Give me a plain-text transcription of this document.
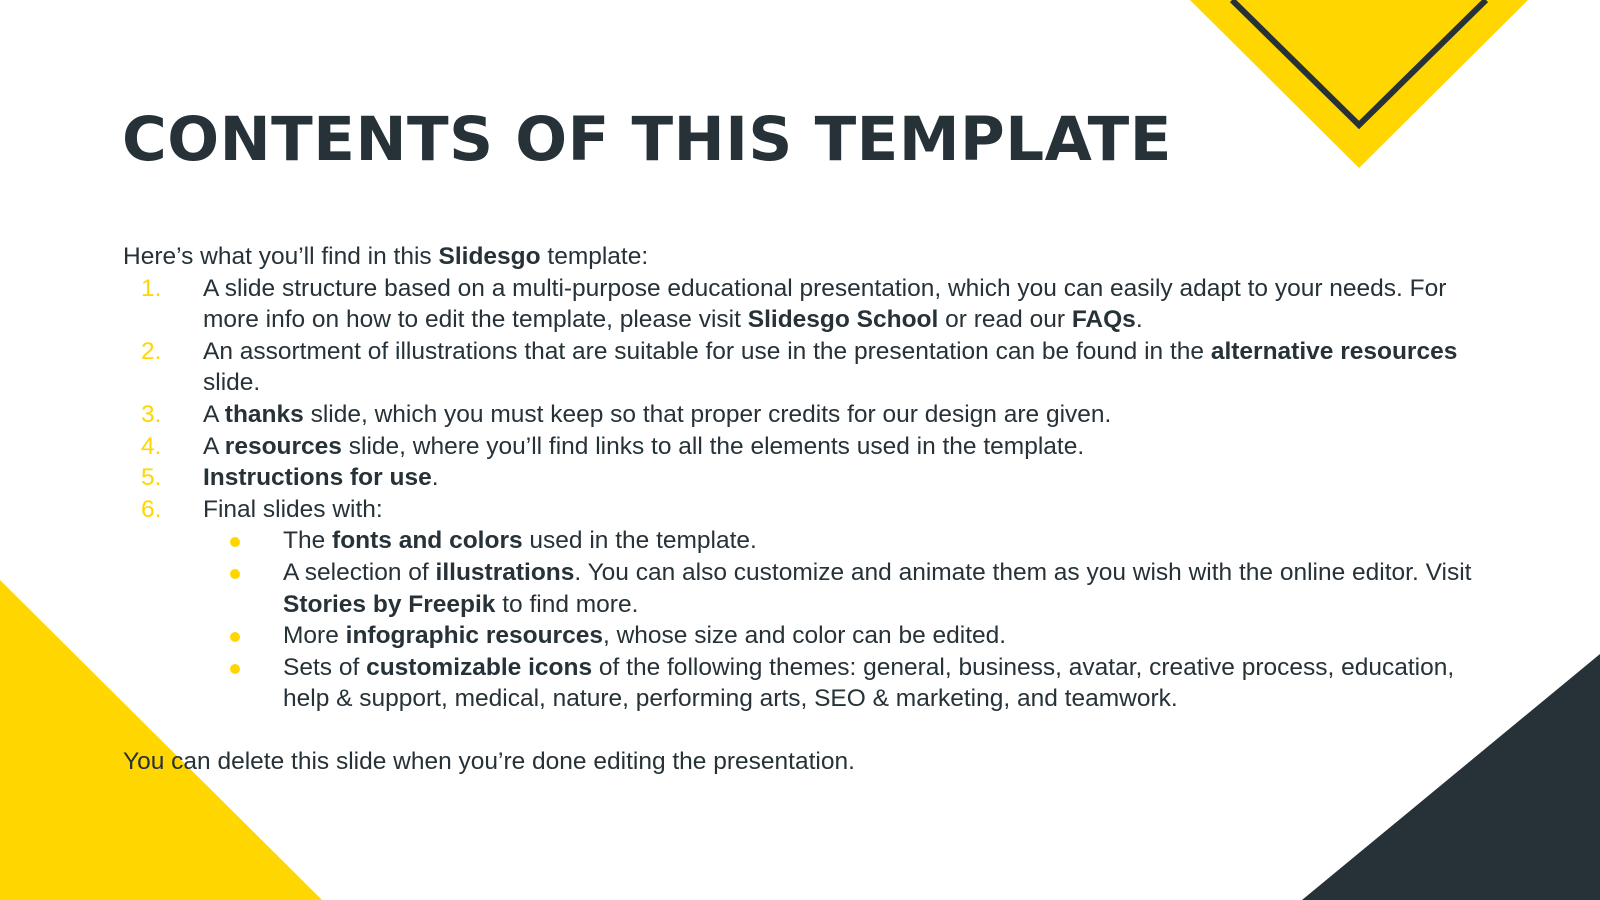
CONTENTS OF THIS TEMPLATE

Here’s what you’ll find in this Slidesgo template:

1. A slide structure based on a multi-purpose educational presentation, which you can easily adapt to your needs. For more info on how to edit the template, please visit Slidesgo School or read our FAQs.
2. An assortment of illustrations that are suitable for use in the presentation can be found in the alternative resources slide.
3. A thanks slide, which you must keep so that proper credits for our design are given.
4. A resources slide, where you’ll find links to all the elements used in the template.
5. Instructions for use.
6. Final slides with:
The fonts and colors used in the template.
A selection of illustrations. You can also customize and animate them as you wish with the online editor. Visit Stories by Freepik to find more.
More infographic resources, whose size and color can be edited.
Sets of customizable icons of the following themes: general, business, avatar, creative process, education, help & support, medical, nature, performing arts, SEO & marketing, and teamwork.

You can delete this slide when you’re done editing the presentation.
